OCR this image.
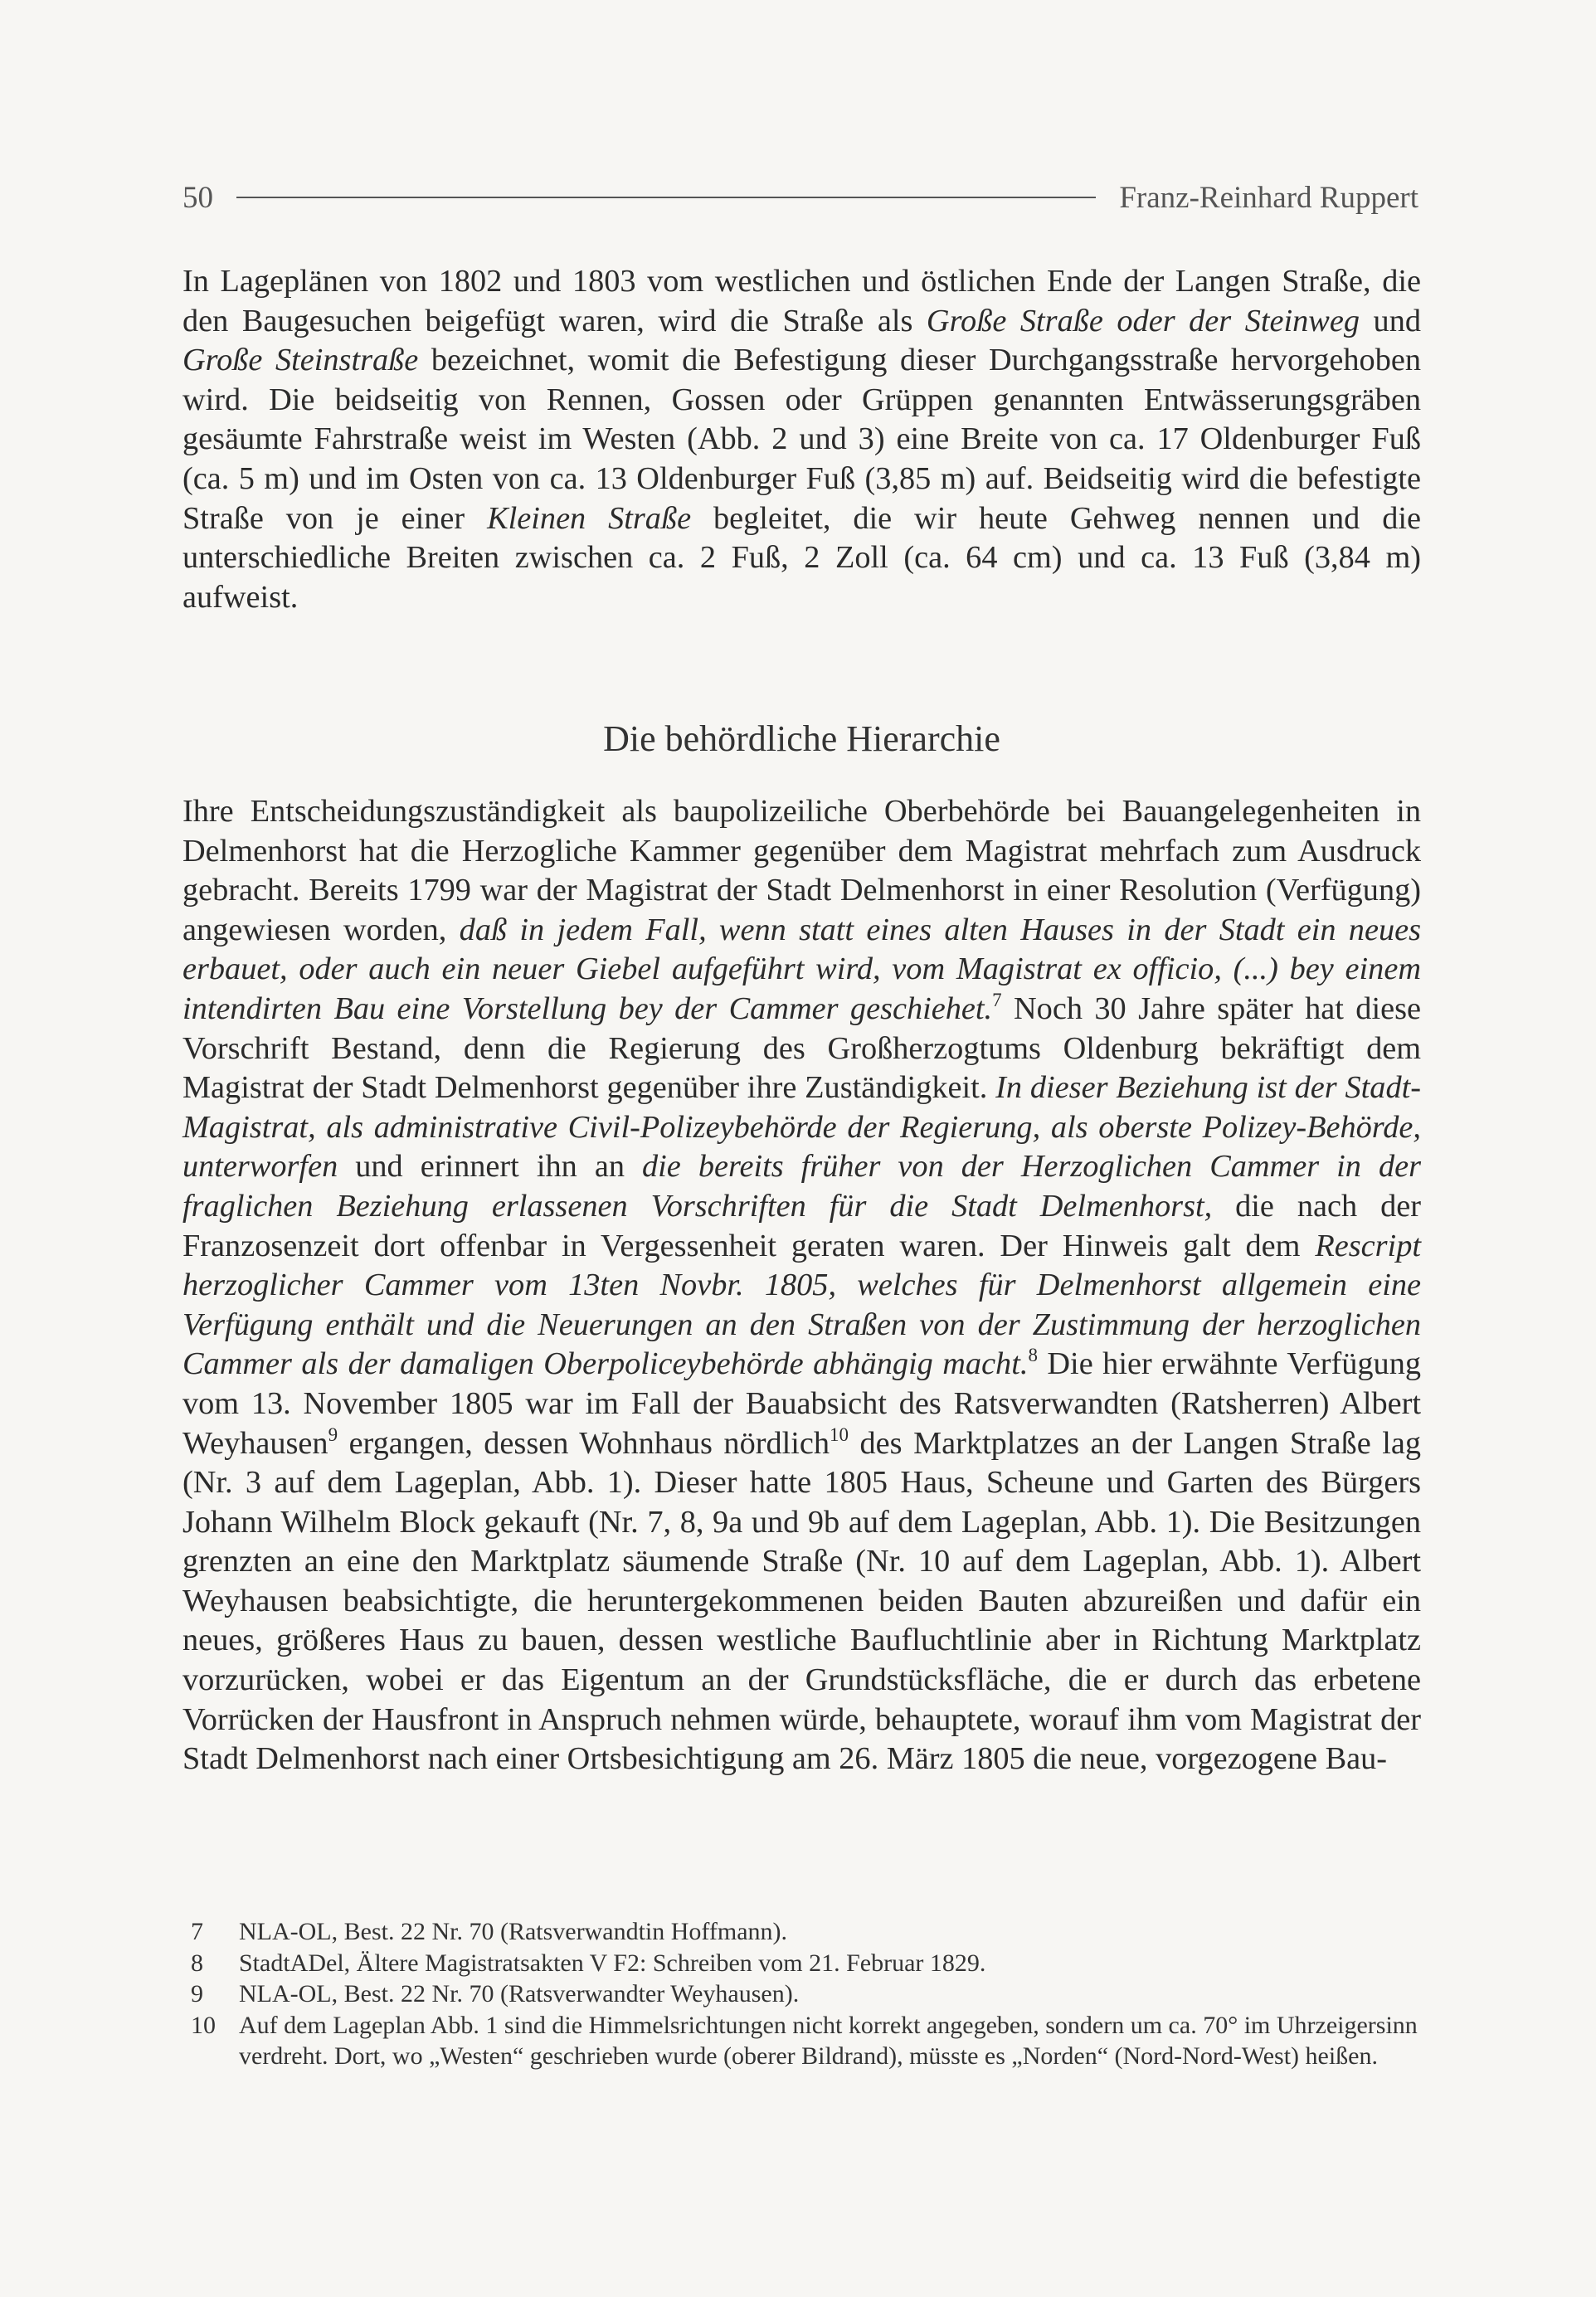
50	Franz-Reinhard Ruppert

In Lageplänen von 1802 und 1803 vom westlichen und östlichen Ende der Langen Straße, die den Baugesuchen beigefügt waren, wird die Straße als Große Straße oder der Steinweg und Große Steinstraße bezeichnet, womit die Befestigung dieser Durchgangsstraße hervorgehoben wird. Die beidseitig von Rennen, Gossen oder Grüppen genannten Entwässerungsgräben gesäumte Fahrstraße weist im Westen (Abb. 2 und 3) eine Breite von ca. 17 Oldenburger Fuß (ca. 5 m) und im Osten von ca. 13 Oldenburger Fuß (3,85 m) auf. Beidseitig wird die befestigte Straße von je einer Kleinen Straße begleitet, die wir heute Gehweg nennen und die unterschiedliche Breiten zwischen ca. 2 Fuß, 2 Zoll (ca. 64 cm) und ca. 13 Fuß (3,84 m) aufweist.

Die behördliche Hierarchie

Ihre Entscheidungszuständigkeit als baupolizeiliche Oberbehörde bei Bauangelegenheiten in Delmenhorst hat die Herzogliche Kammer gegenüber dem Magistrat mehrfach zum Ausdruck gebracht. Bereits 1799 war der Magistrat der Stadt Delmenhorst in einer Resolution (Verfügung) angewiesen worden, daß in jedem Fall, wenn statt eines alten Hauses in der Stadt ein neues erbauet, oder auch ein neuer Giebel aufgeführt wird, vom Magistrat ex officio, (...) bey einem intendirten Bau eine Vorstellung bey der Cammer geschiehet.$^7$ Noch 30 Jahre später hat diese Vorschrift Bestand, denn die Regierung des Großherzogtums Oldenburg bekräftigt dem Magistrat der Stadt Delmenhorst gegenüber ihre Zuständigkeit. In dieser Beziehung ist der Stadt-Magistrat, als administrative Civil-Polizeybehörde der Regierung, als oberste Polizey-Behörde, unterworfen und erinnert ihn an die bereits früher von der Herzoglichen Cammer in der fraglichen Beziehung erlassenen Vorschriften für die Stadt Delmenhorst, die nach der Franzosenzeit dort offenbar in Vergessenheit geraten waren. Der Hinweis galt dem Rescript herzoglicher Cammer vom 13ten Novbr. 1805, welches für Delmenhorst allgemein eine Verfügung enthält und die Neuerungen an den Straßen von der Zustimmung der herzoglichen Cammer als der damaligen Oberpoliceybehörde abhängig macht.$^8$ Die hier erwähnte Verfügung vom 13. November 1805 war im Fall der Bauabsicht des Ratsverwandten (Ratsherren) Albert Weyhausen$^9$ ergangen, dessen Wohnhaus nördlich$^{10}$ des Marktplatzes an der Langen Straße lag (Nr. 3 auf dem Lageplan, Abb. 1). Dieser hatte 1805 Haus, Scheune und Garten des Bürgers Johann Wilhelm Block gekauft (Nr. 7, 8, 9a und 9b auf dem Lageplan, Abb. 1). Die Besitzungen grenzten an eine den Marktplatz säumende Straße (Nr. 10 auf dem Lageplan, Abb. 1). Albert Weyhausen beabsichtigte, die heruntergekommenen beiden Bauten abzureißen und dafür ein neues, größeres Haus zu bauen, dessen westliche Baufluchtlinie aber in Richtung Marktplatz vorzurücken, wobei er das Eigentum an der Grundstücksfläche, die er durch das erbetene Vorrücken der Hausfront in Anspruch nehmen würde, behauptete, worauf ihm vom Magistrat der Stadt Delmenhorst nach einer Ortsbesichtigung am 26. März 1805 die neue, vorgezogene Bau-

7	NLA-OL, Best. 22 Nr. 70 (Ratsverwandtin Hoffmann).
8	StadtADel, Ältere Magistratsakten V F2: Schreiben vom 21. Februar 1829.
9	NLA-OL, Best. 22 Nr. 70 (Ratsverwandter Weyhausen).
10 Auf dem Lageplan Abb. 1 sind die Himmelsrichtungen nicht korrekt angegeben, sondern um ca. 70° im Uhrzeigersinn verdreht. Dort, wo „Westen“ geschrieben wurde (oberer Bildrand), müsste es „Norden“ (Nord-Nord-West) heißen.
